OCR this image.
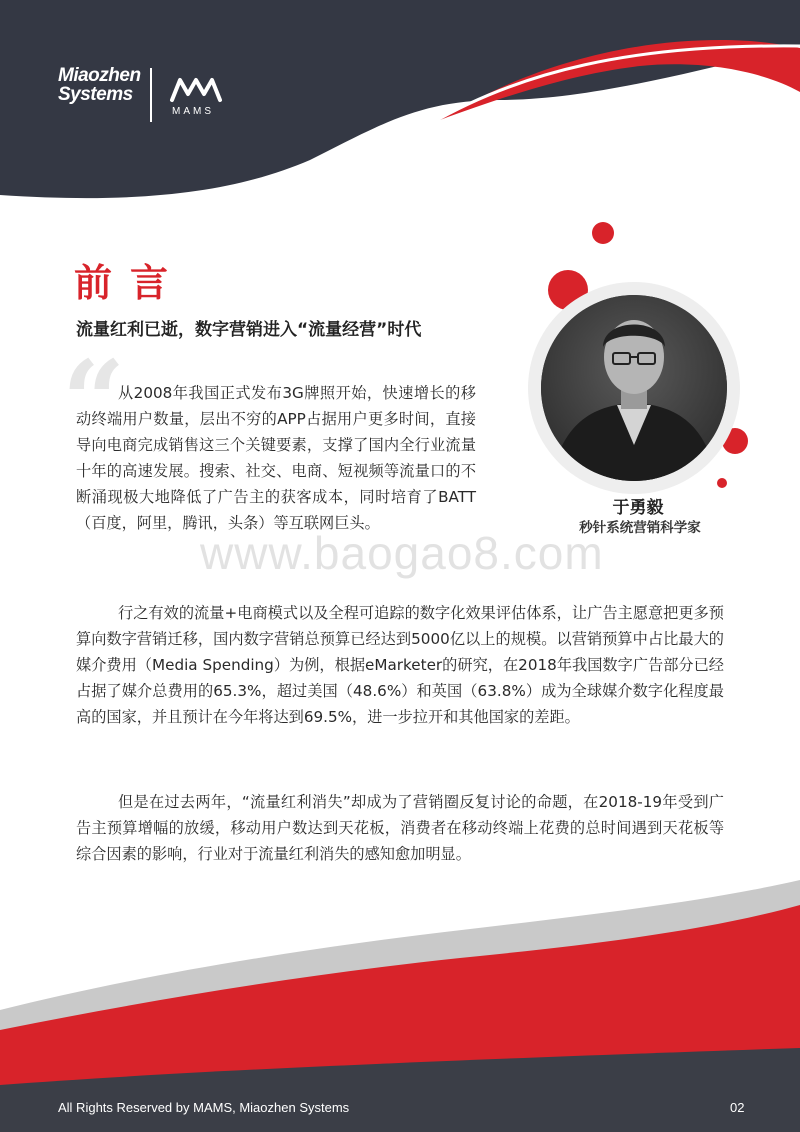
Miaozhen
Systems
MAMS
前言
流量红利已逝，数字营销进入“流量经营”时代
“

从2008年我国正式发布3G牌照开始，快速增长的移动终端用户数量，层出不穷的APP占据用户更多时间，直接导向电商完成销售这三个关键要素，支撑了国内全行业流量十年的高速发展。搜索、社交、电商、短视频等流量口的不断涌现极大地降低了广告主的获客成本，同时培育了BATT（百度，阿里，腾讯，头条）等互联网巨头。

行之有效的流量+电商模式以及全程可追踪的数字化效果评估体系，让广告主愿意把更多预算向数字营销迁移，国内数字营销总预算已经达到5000亿以上的规模。以营销预算中占比最大的媒介费用（Media Spending）为例，根据eMarketer的研究，在2018年我国数字广告部分已经占据了媒介总费用的65.3%，超过美国（48.6%）和英国（63.8%）成为全球媒介数字化程度最高的国家，并且预计在今年将达到69.5%，进一步拉开和其他国家的差距。

但是在过去两年，“流量红利消失”却成为了营销圈反复讨论的命题，在2018-19年受到广告主预算增幅的放缓，移动用户数达到天花板，消费者在移动终端上花费的总时间遇到天花板等综合因素的影响，行业对于流量红利消失的感知愈加明显。

www.baogao8.com
于勇毅
秒针系统营销科学家
All Rights Reserved by MAMS, Miaozhen Systems	02
